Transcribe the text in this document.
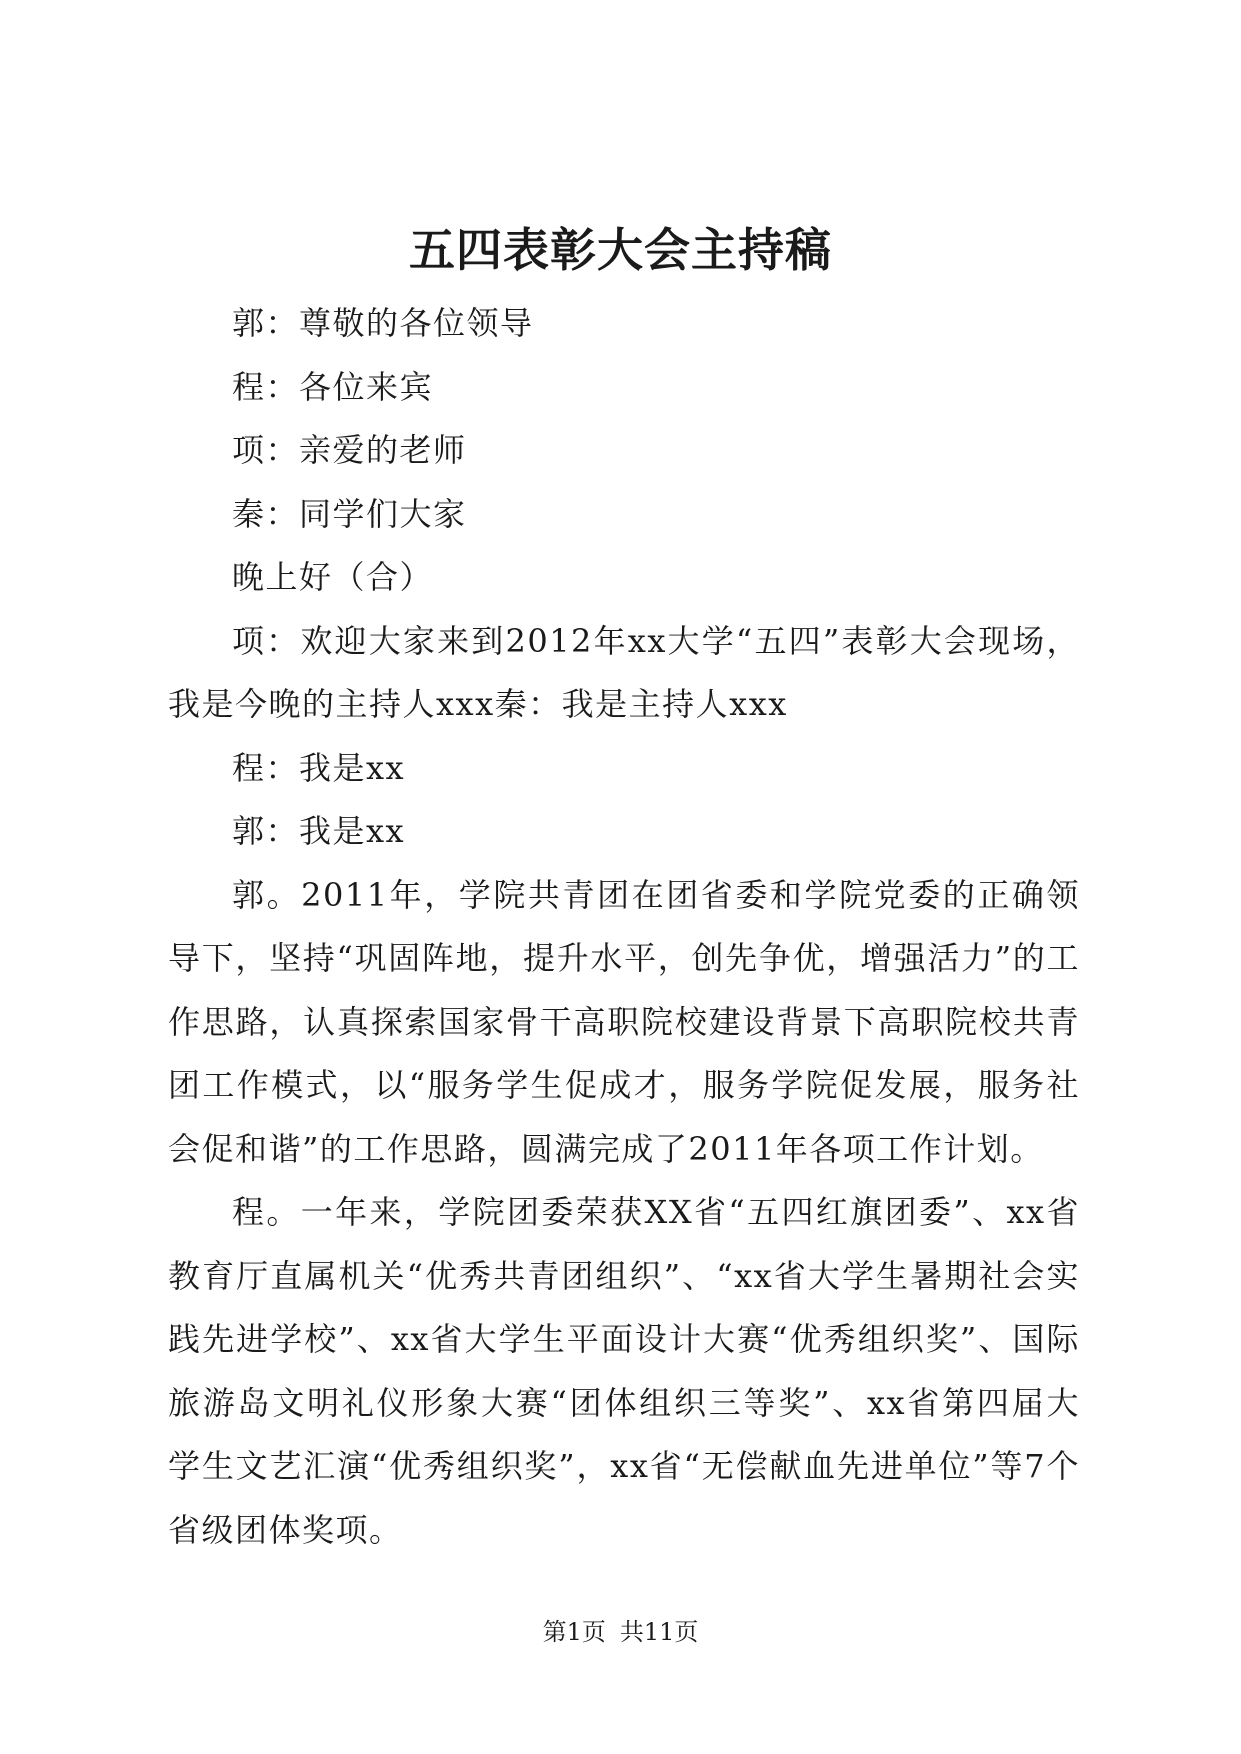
五四表彰大会主持稿

郭：尊敬的各位领导

程：各位来宾

项：亲爱的老师

秦：同学们大家

晚上好（合）

项：欢迎大家来到2012年xx大学“五四”表彰大会现场，我是今晚的主持人xxx秦：我是主持人xxx

程：我是xx

郭：我是xx

郭。2011年，学院共青团在团省委和学院党委的正确领导下，坚持“巩固阵地，提升水平，创先争优，增强活力”的工作思路，认真探索国家骨干高职院校建设背景下高职院校共青团工作模式，以“服务学生促成才，服务学院促发展，服务社会促和谐”的工作思路，圆满完成了2011年各项工作计划。

程。一年来，学院团委荣获XX省“五四红旗团委”、xx省教育厅直属机关“优秀共青团组织”、“xx省大学生暑期社会实践先进学校”、xx省大学生平面设计大赛“优秀组织奖”、国际旅游岛文明礼仪形象大赛“团体组织三等奖”、xx省第四届大学生文艺汇演“优秀组织奖”，xx省“无偿献血先进单位”等7个省级团体奖项。

第1页 共11页
